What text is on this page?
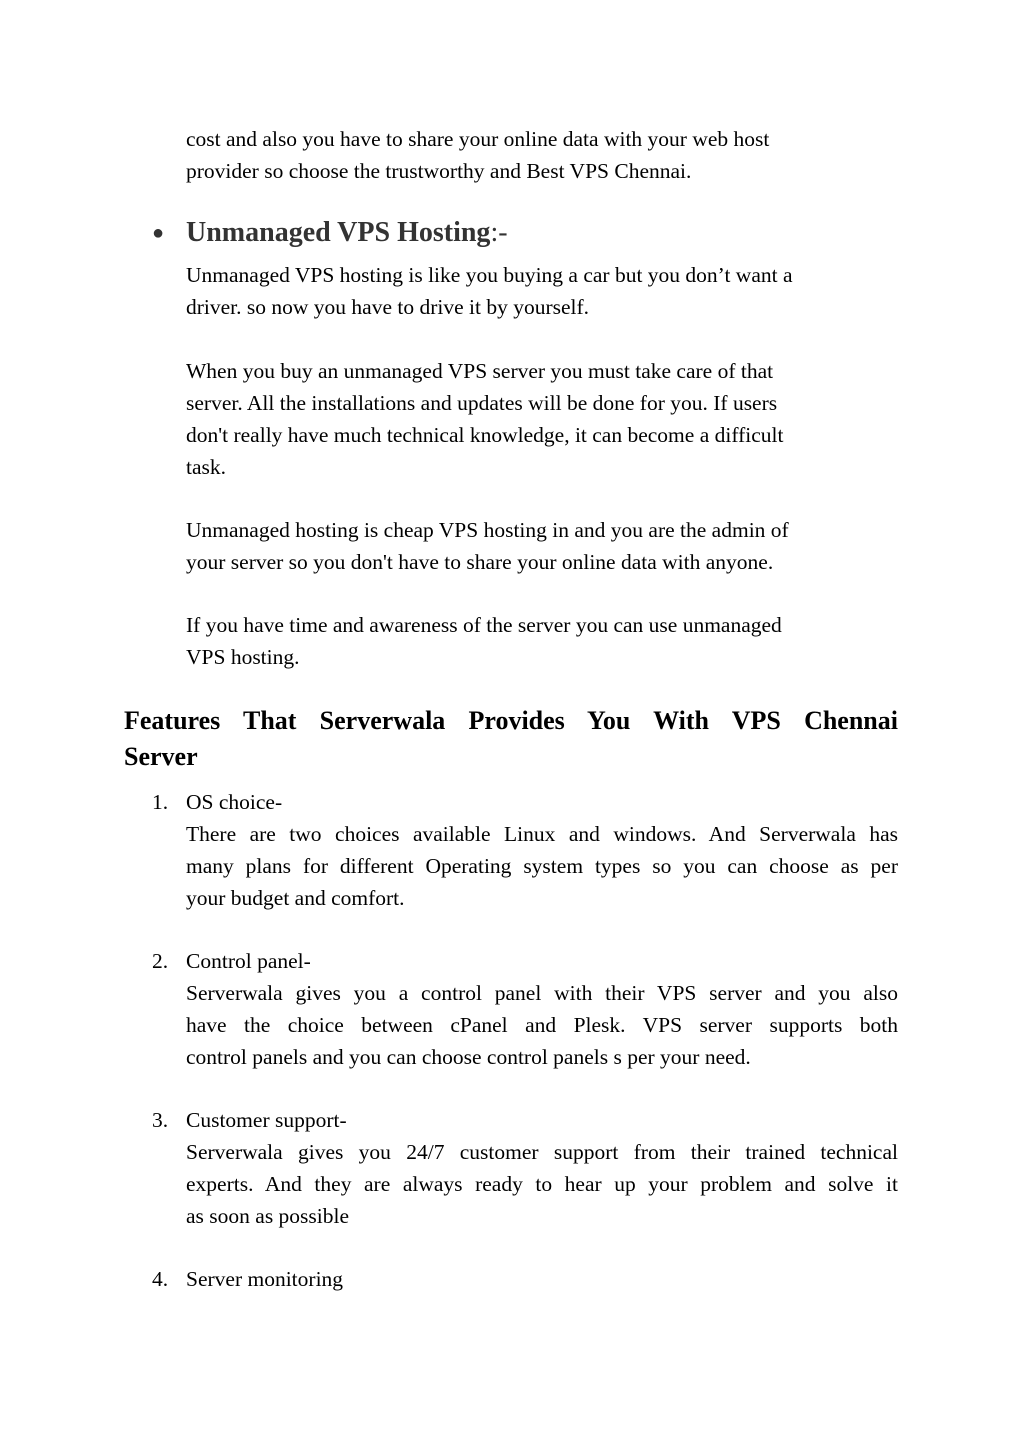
cost and also you have to share your online data with your web host
provider so choose the trustworthy and Best VPS Chennai.
● Unmanaged VPS Hosting:-
Unmanaged VPS hosting is like you buying a car but you don’t want a
driver. so now you have to drive it by yourself.
When you buy an unmanaged VPS server you must take care of that
server. All the installations and updates will be done for you. If users
don't really have much technical knowledge, it can become a difficult
task.
Unmanaged hosting is cheap VPS hosting in and you are the admin of
your server so you don't have to share your online data with anyone.
If you have time and awareness of the server you can use unmanaged
VPS hosting.
Features That Serverwala Provides You With VPS Chennai
Server
1. OS choice-
There are two choices available Linux and windows. And Serverwala has
many plans for different Operating system types so you can choose as per
your budget and comfort.
2. Control panel-
Serverwala gives you a control panel with their VPS server and you also
have the choice between cPanel and Plesk. VPS server supports both
control panels and you can choose control panels s per your need.
3. Customer support-
Serverwala gives you 24/7 customer support from their trained technical
experts. And they are always ready to hear up your problem and solve it
as soon as possible
4. Server monitoring
